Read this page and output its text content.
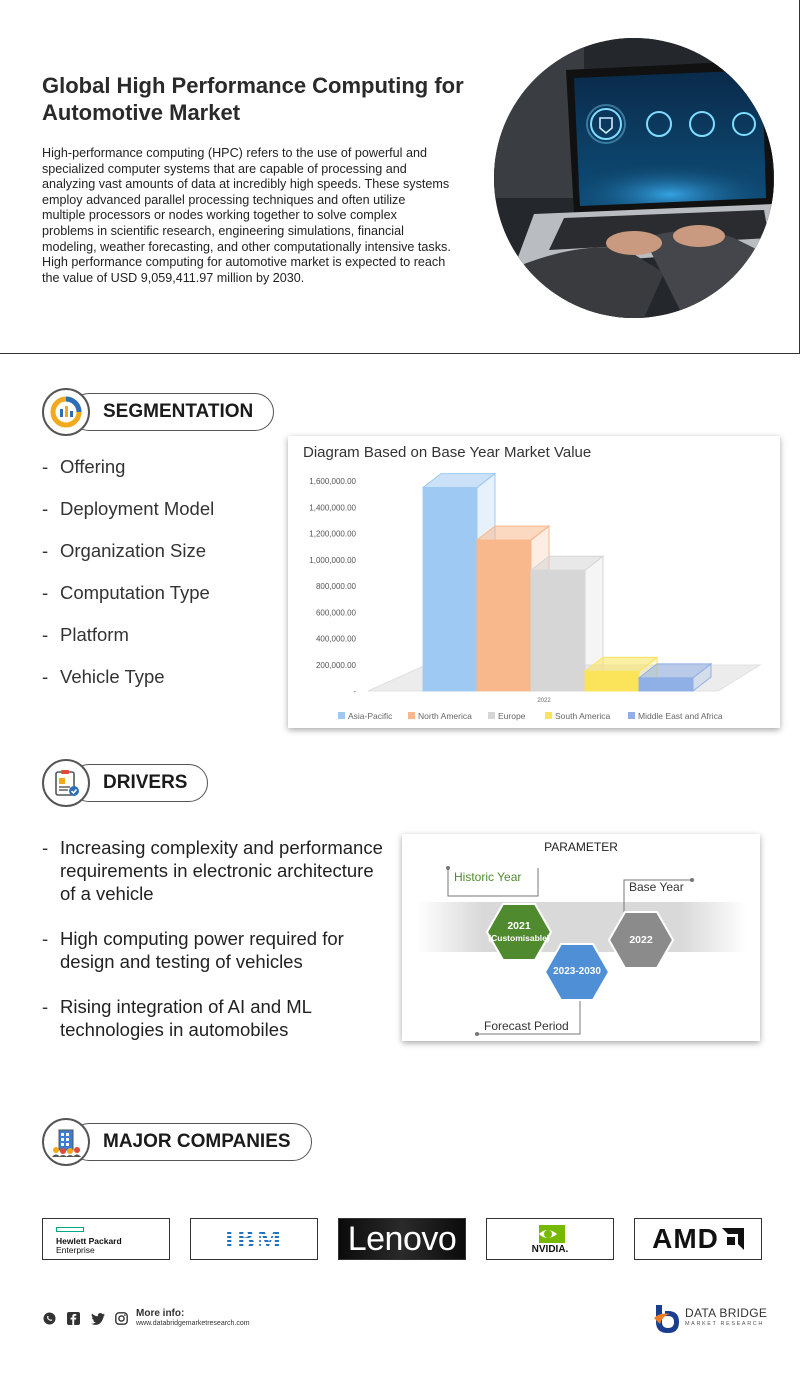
Global High Performance Computing for Automotive Market

High-performance computing (HPC) refers to the use of powerful and specialized computer systems that are capable of processing and analyzing vast amounts of data at incredibly high speeds. These systems employ advanced parallel processing techniques and often utilize multiple processors or nodes working together to solve complex problems in scientific research, engineering simulations, financial modeling, weather forecasting, and other computationally intensive tasks. High performance computing for automotive market is expected to reach the value of USD 9,059,411.97 million by 2030.

SEGMENTATION
- Offering
- Deployment Model
- Organization Size
- Computation Type
- Platform
- Vehicle Type
1,600,000.00
1,400,000.00
1,200,000.00
1,000,000.00
800,000.00
600,000.00
400,000.00
200,000.00
-
2022
Asia-Pacific	North America	Europe	South America	Middle East and Africa
Diagram Based on Base Year Market Value
DRIVERS
- Increasing complexity and performance requirements in electronic architecture of a vehicle
- High computing power required for design and testing of vehicles
- Rising integration of AI and ML technologies in automobiles
PARAMETER
Historic Year
Base Year
Forecast Period
2021
(Customisable)
2023-2030
2022
MAJOR COMPANIES
Hewlett Packard
Enterprise	IBM Lenovo	NVIDIA.	AMD
More info:
www.databridgemarketresearch.com
DATA BRIDGE
MARKET RESEARCH
